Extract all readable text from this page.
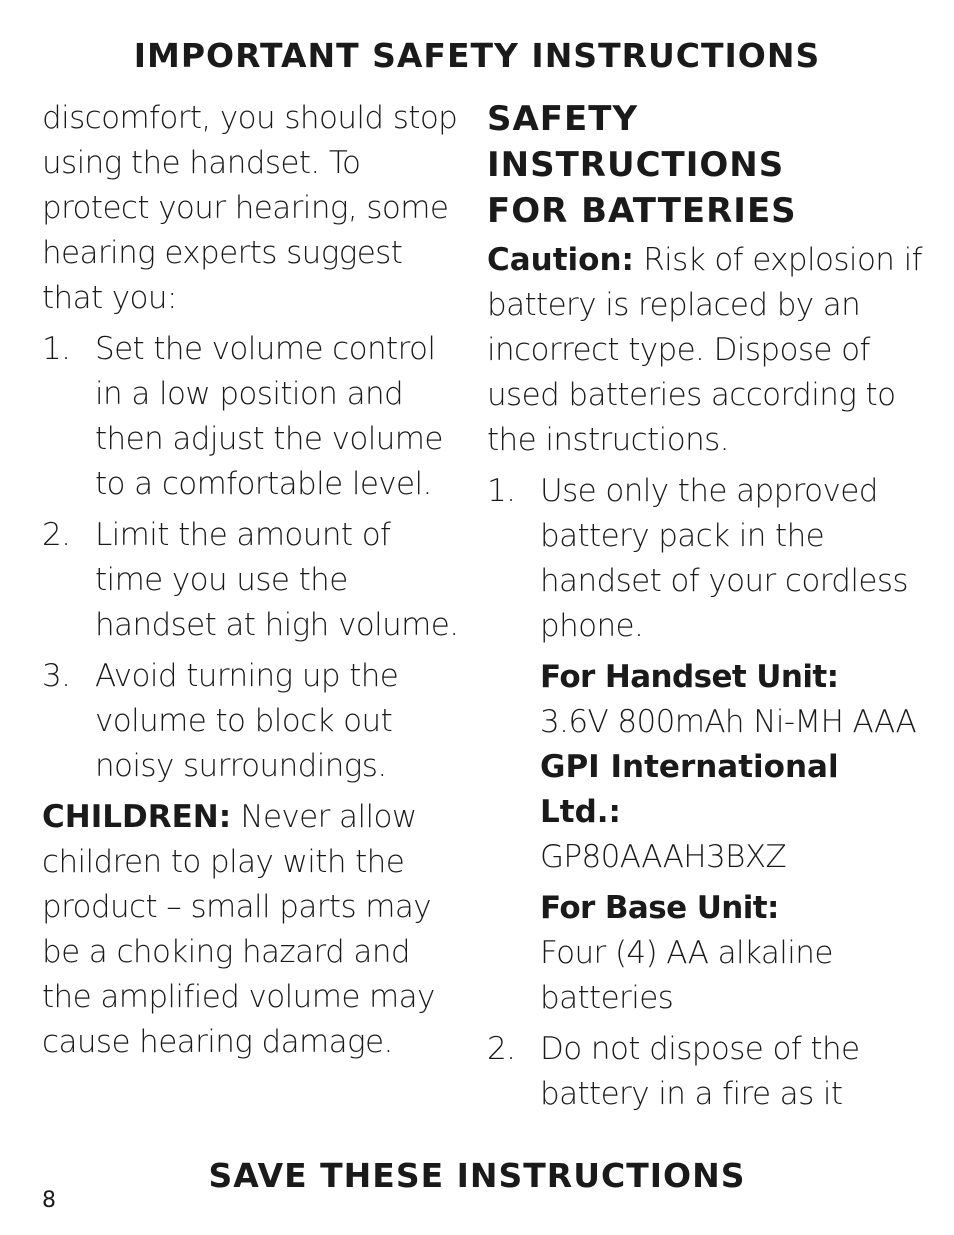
IMPORTANT SAFETY INSTRUCTIONS

discomfort, you should stop using the handset. To protect your hearing, some hearing experts suggest that you:

1. Set the volume control in a low position and then adjust the volume to a comfortable level.
2. Limit the amount of time you use the handset at high volume.
3. Avoid turning up the volume to block out noisy surroundings.

CHILDREN: Never allow children to play with the product – small parts may be a choking hazard and the amplified volume may cause hearing damage.

SAFETY
INSTRUCTIONS
FOR BATTERIES

Caution: Risk of explosion if battery is replaced by an incorrect type. Dispose of used batteries according to the instructions.

1. Use only the approved battery pack in the handset of your cordless phone.
For Handset Unit:
3.6V 800mAh Ni-MH AAA GPI International Ltd.:
GP80AAAH3BXZ
For Base Unit:
Four (4) AA alkaline batteries
2. Do not dispose of the battery in a fire as it
SAVE THESE INSTRUCTIONS
8
